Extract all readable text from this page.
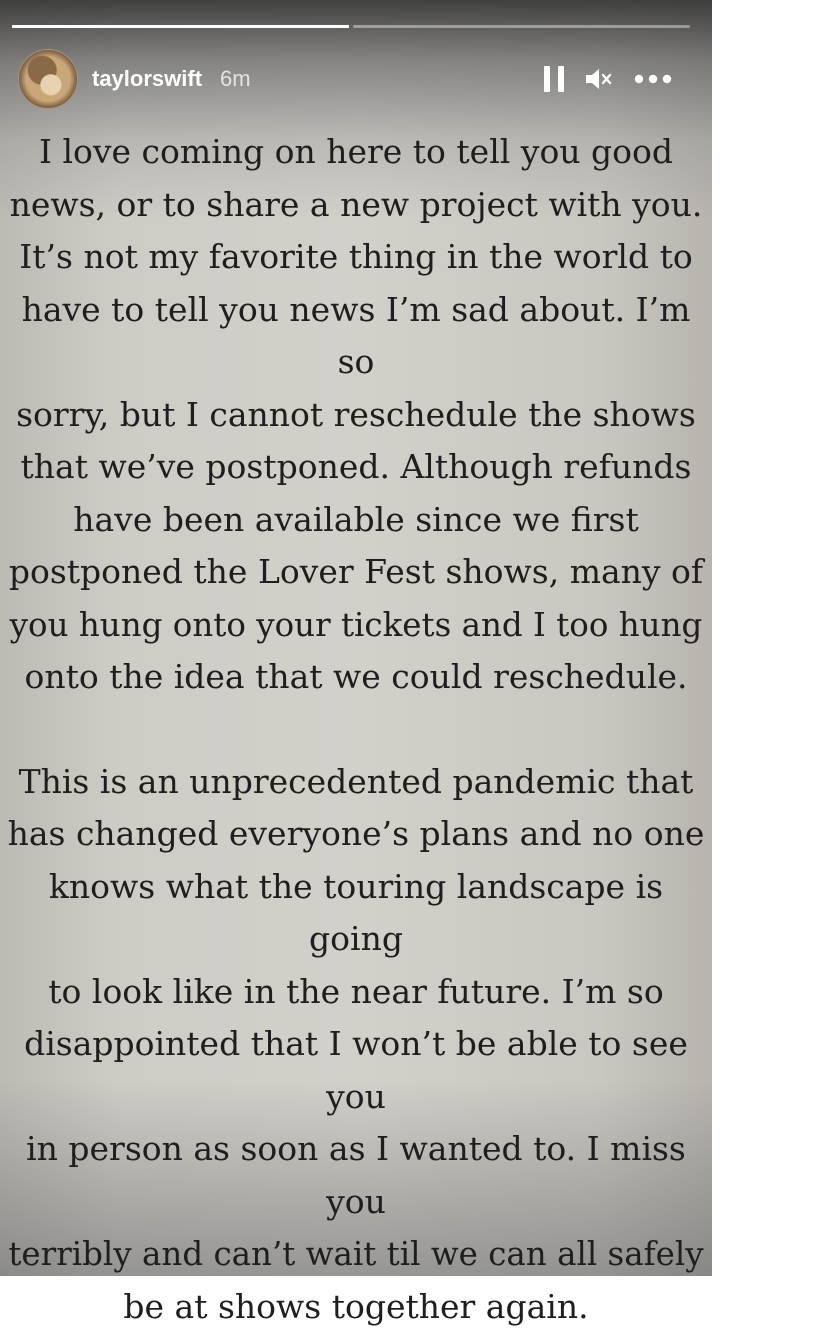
taylorswift 6m
I love coming on here to tell you good
news, or to share a new project with you.
It’s not my favorite thing in the world to
have to tell you news I’m sad about. I’m so
sorry, but I cannot reschedule the shows
that we’ve postponed. Although refunds
have been available since we first
postponed the Lover Fest shows, many of
you hung onto your tickets and I too hung
onto the idea that we could reschedule.
This is an unprecedented pandemic that
has changed everyone’s plans and no one
knows what the touring landscape is going
to look like in the near future. I’m so
disappointed that I won’t be able to see you
in person as soon as I wanted to. I miss you
terribly and can’t wait til we can all safely
be at shows together again.
